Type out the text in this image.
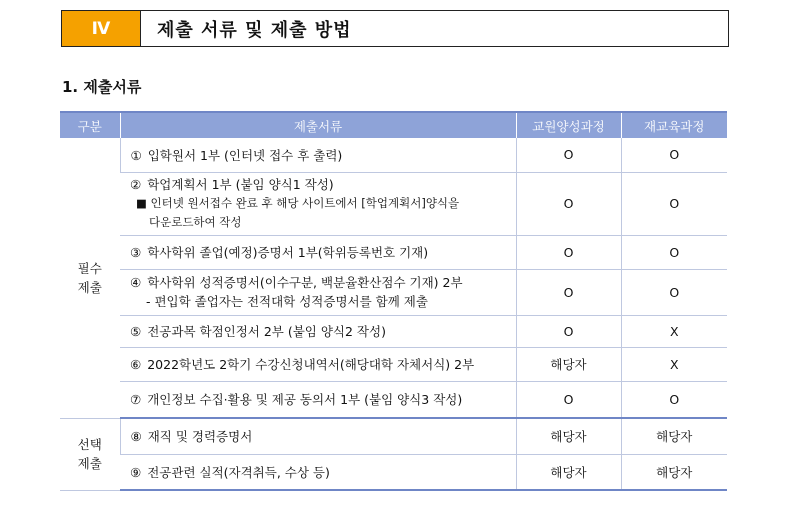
Ⅳ	제출 서류 및 제출 방법
1. 제출서류
구분	제출서류	교원양성과정	재교육과정

필수
제출	① 입학원서 1부 (인터넷 접수 후 출력)	O	O

	② 학업계획서 1부 (붙임 양식1 작성)
■ 인터넷 원서접수 완료 후 해당 사이트에서 [학업계획서]양식을
다운로드하여 작성	O	O
	③ 학사학위 졸업(예정)증명서 1부(학위등록번호 기재)	O	O

	④ 학사학위 성적증명서(이수구분, 백분율환산점수 기재) 2부
- 편입학 졸업자는 전적대학 성적증명서를 함께 제출	O	O
	⑤ 전공과목 학점인정서 2부 (붙임 양식2 작성)	O	X
	⑥ 2022학년도 2학기 수강신청내역서(해당대학 자체서식) 2부	해당자	X
	⑦ 개인정보 수집·활용 및 제공 동의서 1부 (붙임 양식3 작성)	O	O

선택
제출	⑧ 재직 및 경력증명서	해당자	해당자
	⑨ 전공관련 실적(자격취득, 수상 등)	해당자	해당자
